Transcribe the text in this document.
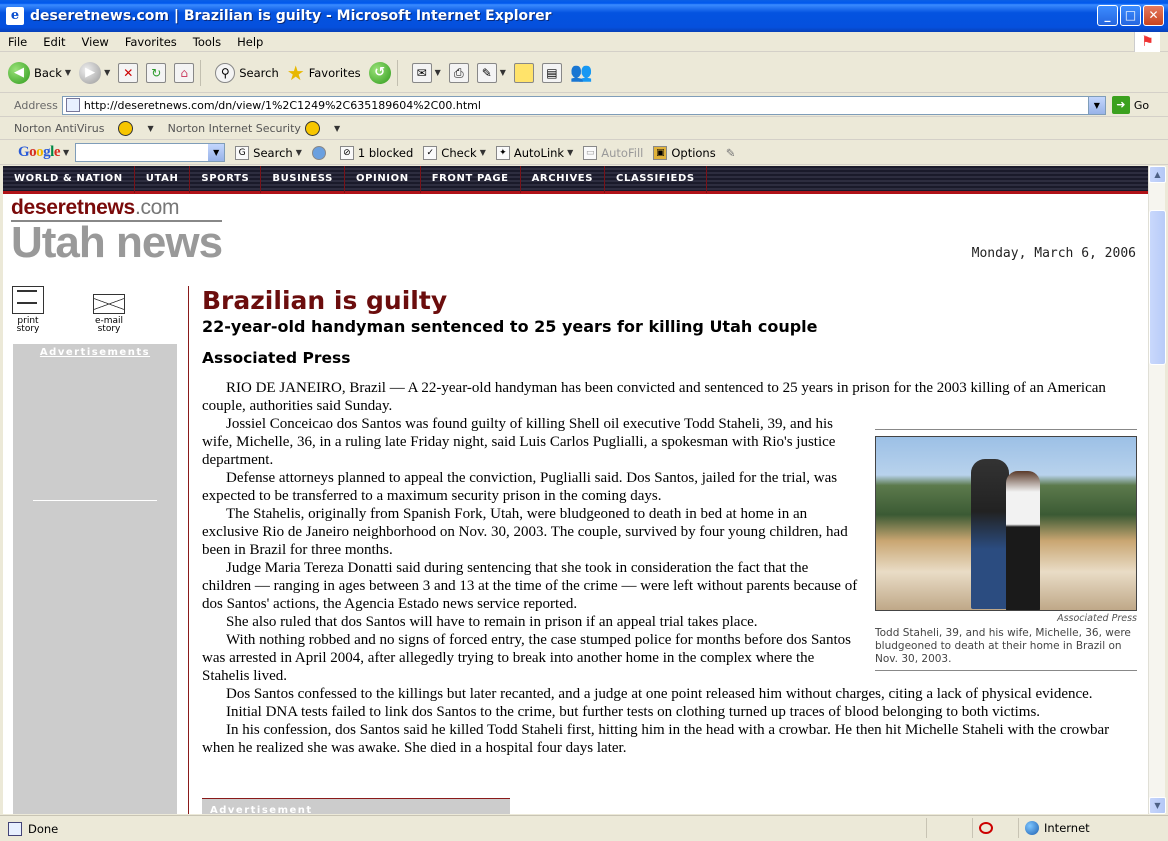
e deseretnews.com | Brazilian is guilty - Microsoft Internet Explorer	_	□	✕
File	Edit	View	Favorites	Tools	Help	⚑
◀ Back ▼	▶	▼	✕	↻	⌂	⚲ Search ★ Favorites	↺	✉ ▼	⎙	✎ ▼	▤ 👥
Address http://deseretnews.com/dn/view/1%2C1249%2C635189604%2C00.html	▼	➜ Go
Norton AntiVirus	▼ Norton Internet Security	▼
Google ▼	▼	G Search ▼	⊘ 1 blocked	✓ Check ▼	✦ AutoLink ▼	▭ AutoFill	▣ Options ✎
WORLD & NATION	UTAH	SPORTS	BUSINESS	OPINION	FRONT PAGE	ARCHIVES	CLASSIFIEDS
deseretnews.com
Utah news	Monday, March 6, 2006
print
story
e-mail
story
Advertisements
Brazilian is guilty
22-year-old handyman sentenced to 25 years for killing Utah couple
Associated Press

RIO DE JANEIRO, Brazil — A 22-year-old handyman has been convicted and sentenced to 25 years in prison for the 2003 killing of an American couple, authorities said Sunday.

Associated Press
Todd Staheli, 39, and his wife, Michelle, 36, were bludgeoned to death at their home in Brazil on Nov. 30, 2003.

Jossiel Conceicao dos Santos was found guilty of killing Shell oil executive Todd Staheli, 39, and his wife, Michelle, 36, in a ruling late Friday night, said Luis Carlos Puglialli, a spokesman with Rio's justice department.

Defense attorneys planned to appeal the conviction, Puglialli said. Dos Santos, jailed for the trial, was expected to be transferred to a maximum security prison in the coming days.

The Stahelis, originally from Spanish Fork, Utah, were bludgeoned to death in bed at home in an exclusive Rio de Janeiro neighborhood on Nov. 30, 2003. The couple, survived by four young children, had been in Brazil for three months.

Judge Maria Tereza Donatti said during sentencing that she took in consideration the fact that the children — ranging in ages between 3 and 13 at the time of the crime — were left without parents because of dos Santos' actions, the Agencia Estado news service reported.

She also ruled that dos Santos will have to remain in prison if an appeal trial takes place.

With nothing robbed and no signs of forced entry, the case stumped police for months before dos Santos was arrested in April 2004, after allegedly trying to break into another home in the complex where the Stahelis lived.

Dos Santos confessed to the killings but later recanted, and a judge at one point released him without charges, citing a lack of physical evidence.

Initial DNA tests failed to link dos Santos to the crime, but further tests on clothing turned up traces of blood belonging to both victims.

In his confession, dos Santos said he killed Todd Staheli first, hitting him in the head with a crowbar. He then hit Michelle Staheli with the crowbar when he realized she was awake. She died in a hospital four days later.

Advertisement
▲
▼
Done	Internet
